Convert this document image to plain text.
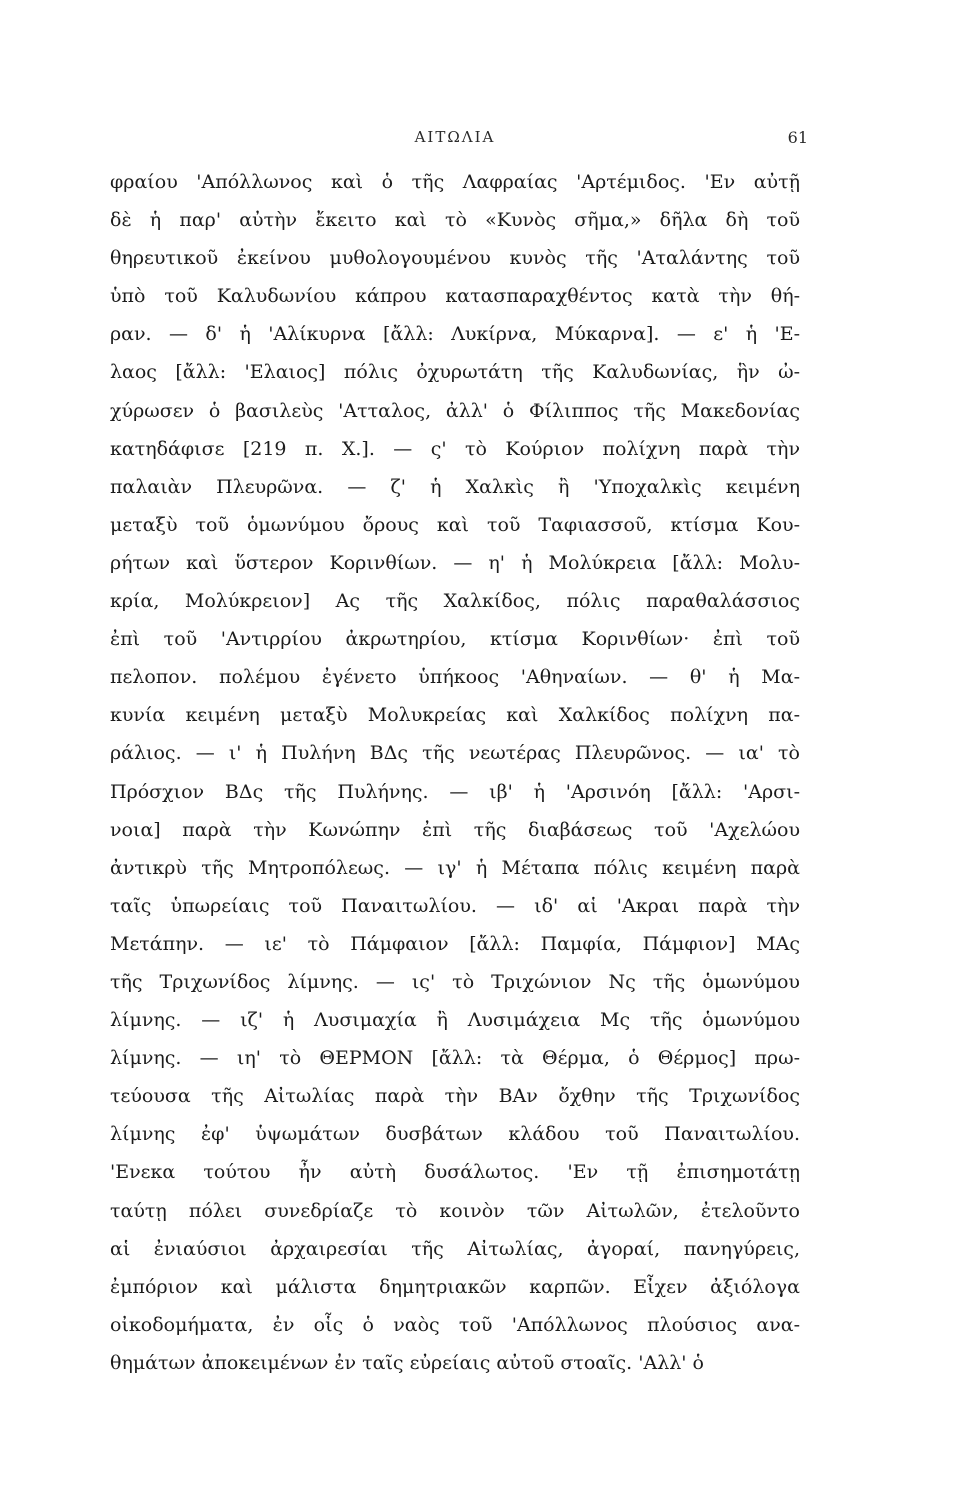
ΑΙΤΩΛΙΑ	61
φραίου 'Απόλλωνος καὶ ὁ τῆς Λαφραίας 'Αρτέμιδος. 'Εν αὐτῇ
δὲ ἡ παρ' αὐτὴν ἔκειτο καὶ τὸ «Κυνὸς σῆμα,» δῆλα δὴ τοῦ
θηρευτικοῦ ἐκείνου μυθολογουμένου κυνὸς τῆς 'Αταλάντης τοῦ
ὑπὸ τοῦ Καλυδωνίου κάπρου κατασπαραχθέντος κατὰ τὴν θή-
ραν. — δ' ἡ 'Αλίκυρνα [ἄλλ: Λυκίρνα, Μύκαρνα]. — ε' ἡ 'Ε-
λαος [ἄλλ: 'Ελαιος] πόλις ὀχυρωτάτη τῆς Καλυδωνίας, ἣν ὠ-
χύρωσεν ὁ βασιλεὺς 'Ατταλος, ἀλλ' ὁ Φίλιππος τῆς Μακεδονίας
κατηδάφισε [219 π. Χ.]. — ς' τὸ Κούριον πολίχνη παρὰ τὴν
παλαιὰν Πλευρῶνα. — ζ' ἡ Χαλκὶς ἢ 'Υποχαλκὶς κειμένη
μεταξὺ τοῦ ὁμωνύμου ὄρους καὶ τοῦ Ταφιασσοῦ, κτίσμα Κου-
ρήτων καὶ ὕστερον Κορινθίων. — η' ἡ Μολύκρεια [ἄλλ: Μολυ-
κρία, Μολύκρειον] Ας τῆς Χαλκίδος, πόλις παραθαλάσσιος
ἐπὶ τοῦ 'Αντιρρίου ἀκρωτηρίου, κτίσμα Κορινθίων· ἐπὶ τοῦ
πελοπον. πολέμου ἐγένετο ὑπήκοος 'Αθηναίων. — θ' ἡ Μα-
κυνία κειμένη μεταξὺ Μολυκρείας καὶ Χαλκίδος πολίχνη πα-
ράλιος. — ι' ἡ Πυλήνη ΒΔς τῆς νεωτέρας Πλευρῶνος. — ια' τὸ
Πρόσχιον ΒΔς τῆς Πυλήνης. — ιβ' ἡ 'Αρσινόη [ἄλλ: 'Αρσι-
νοια] παρὰ τὴν Κωνώπην ἐπὶ τῆς διαβάσεως τοῦ 'Αχελώου
ἀντικρὺ τῆς Μητροπόλεως. — ιγ' ἡ Μέταπα πόλις κειμένη παρὰ
ταῖς ὑπωρείαις τοῦ Παναιτωλίου. — ιδ' αἱ 'Ακραι παρὰ τὴν
Μετάπην. — ιε' τὸ Πάμφαιον [ἄλλ: Παμφία, Πάμφιον] ΜΑς
τῆς Τριχωνίδος λίμνης. — ις' τὸ Τριχώνιον Νς τῆς ὁμωνύμου
λίμνης. — ιζ' ἡ Λυσιμαχία ἢ Λυσιμάχεια Μς τῆς ὁμωνύμου
λίμνης. — ιη' τὸ ΘΕΡΜΟΝ [ἄλλ: τὰ Θέρμα, ὁ Θέρμος] πρω-
τεύουσα τῆς Αἰτωλίας παρὰ τὴν ΒΑν ὄχθην τῆς Τριχωνίδος
λίμνης ἐφ' ὑψωμάτων δυσβάτων κλάδου τοῦ Παναιτωλίου.
'Ενεκα τούτου ἦν αὐτὴ δυσάλωτος. 'Εν τῇ ἐπισημοτάτῃ
ταύτῃ πόλει συνεδρίαζε τὸ κοινὸν τῶν Αἰτωλῶν, ἐτελοῦντο
αἱ ἐνιαύσιοι ἀρχαιρεσίαι τῆς Αἰτωλίας, ἀγοραί, πανηγύρεις,
ἐμπόριον καὶ μάλιστα δημητριακῶν καρπῶν. Εἶχεν ἀξιόλογα
οἰκοδομήματα, ἐν οἷς ὁ ναὸς τοῦ 'Απόλλωνος πλούσιος ανα-
θημάτων ἀποκειμένων ἐν ταῖς εὐρείαις αὐτοῦ στοαῖς. 'Αλλ' ὁ
